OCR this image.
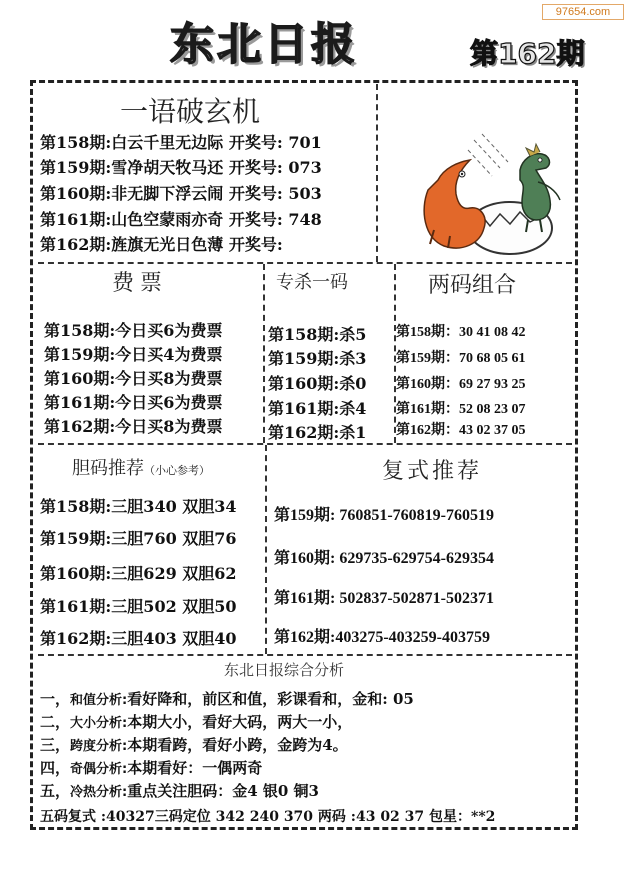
97654.com
东北日报	第162期
一语破玄机
第158期:白云千里无边际 开奖号: 701
第159期:雪净胡天牧马还 开奖号: 073
第160期:非无脚下浮云闹 开奖号: 503
第161期:山色空蒙雨亦奇 开奖号: 748
第162期:旌旗无光日色薄 开奖号:
费票
第158期:今日买6为费票
第159期:今日买4为费票
第160期:今日买8为费票
第161期:今日买6为费票
第162期:今日买8为费票
专杀一码
第158期:杀5
第159期:杀3
第160期:杀0
第161期:杀4
第162期:杀1
两码组合
第158期：30 41 08 42
第159期：70 68 05 61
第160期：69 27 93 25
第161期：52 08 23 07
第162期：43 02 37 05
胆码推荐（小心参考）
第158期:三胆340 双胆34
第159期:三胆760 双胆76
第160期:三胆629 双胆62
第161期:三胆502 双胆50
第162期:三胆403 双胆40
复式推荐
第159期: 760851-760819-760519
第160期: 629735-629754-629354
第161期: 502837-502871-502371
第162期:403275-403259-403759
东北日报综合分析
一，和值分析:看好降和，前区和值，彩课看和，金和: 05
二，大小分析:本期大小，看好大码，两大一小，
三，跨度分析:本期看跨，看好小跨，金跨为4。
四，奇偶分析:本期看好：一偶两奇
五，冷热分析:重点关注胆码：金4 银0 铜3
五码复式 :40327三码定位 342 240 370 两码 :43 02 37 包星：**2
